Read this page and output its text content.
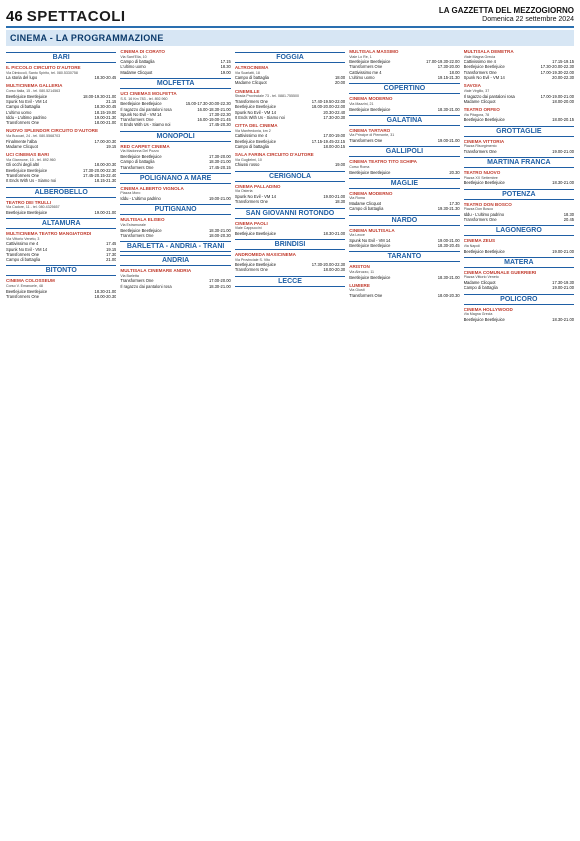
46 SPETTACOLI	LA GAZZETTA DEL MEZZOGIORNO
Domenica 22 settembre 2024
CINEMA - LA PROGRAMMAZIONE
BARI
IL PICCOLO CIRCUITO D'AUTORE
Via Dimiccoli, Santo Spirito, tel. 080.5330758
La storia del lupo	18.30-20.45
MULTICINEMA GALLERIA
Corso Italia, 15 - tel. 080.5214563
Beetlejuice Beetlejuice	18.00-19.30-21.00
Spunk No Evil - VM 14	21.15
Campo di battaglia	18.30-20.45
L'ultimo uomo	18.15-19.00
Iddu - L'ultimo padrino	19.00-21.30
Transformers One	18.00-21.00
NUOVO SPLENDOR CIRCUITO D'AUTORE
Via Buccari, 24 - tel. 080.5568703
Finalmente l'alba	17.00-20.30
Madame Clicquot	19.15
UCI CINEMAS BARI
Via Giannone, 10 - tel. 892.960
Gli occhi degli altri	18.00-20.30
Beetlejuice Beetlejuice	17.30-20.00-22.30
Transformers One	17.45-20.15-22.40
It Ends With Us - Siamo noi	18.15-21.30
ALBEROBELLO
TEATRO DEI TRULLI
Via Cadore, 11 - tel. 080.4325657
Beetlejuice Beetlejuice	19.00-21.00
ALTAMURA
MULTICINEMA TEATRO MANGIATORDI
Via Vittorio Veneto, 3
Cattivissimo me 4	17.45
Spunk No Evil - VM 14	19.15
Transformers One	17.30
Campo di battaglia	21.00
BITONTO
CINEMA COLOSSEUM
Corso V. Emanuele, 48
Beetlejuice Beetlejuice	18.30-21.00
Transformers One	18.00-20.30
CINEMA DI CORATO
Via Sant'Elia, 10
Campo di battaglia	17.15
L'ultimo uomo	18.30
Madame Clicquot	19.00
MOLFETTA
UCI CINEMAS MOLFETTA
S.S. 16 Km 783 - tel. 892.960
Beetlejuice Beetlejuice	15.00-17.30-20.00-22.30
Il ragazzo dai pantaloni rosa	16.00-18.30-21.00
Spunk No Evil - VM 14	17.30-22.30
Transformers One	16.00-19.00-21.45
It Ends With Us - Siamo noi	17.45-20.30
MONOPOLI
RED CARPET CINEMA
Via Madonna Del Pozzo
Beetlejuice Beetlejuice	17.30-20.00
Campo di battaglia	18.30-21.00
Transformers One	17.45-20.15
POLIGNANO A MARE
CINEMA ALBERTO VIGNOLA
Piazza Moro
Iddu - L'ultimo padrino	19.00-21.00
PUTIGNANO
MULTISALA ELISEO
Via Estramurale
Beetlejuice Beetlejuice	18.30-21.00
Transformers One	18.00-20.30
BARLETTA - ANDRIA - TRANI
ANDRIA
MULTISALA CINEMARE ANDRIA
Via Barletta
Transformers One	17.00-20.00
Il ragazzo dai pantaloni rosa	18.30-21.00
FOGGIA
ALTROCINEMA
Via Scarlatti, 18
Campo di battaglia	18.00
Madame Clicquot	20.00
CINEMILLE
Strada Provinciale 73 - tel. 0881.755500
Transformers One	17.40-19.50-22.00
Beetlejuice Beetlejuice	18.00-20.00-22.00
Spunk No Evil - VM 14	20.30-22.40
It Ends With Us - Siamo noi	17.30-20.30
CITTA DEL CINEMA
Via Manfredonia, km 2
Cattivissimo me 4	17.00-19.00
Beetlejuice Beetlejuice	17.15-19.45-22.15
Campo di battaglia	18.00-20.15
SALA FARINA CIRCUITO D'AUTORE
Via Guglielmi, 10
Chiussi rosso	19.00
CERIGNOLA
CINEMA PALLADINO
Via Osteria
Spunk No Evil - VM 14	19.00-21.00
Transformers One	18.30
SAN GIOVANNI ROTONDO
CINEMA PAOLI
Viale Cappuccini
Beetlejuice Beetlejuice	18.30-21.00
BRINDISI
ANDROMEDA MAXICINEMA
Via Provinciale S. Vito
Beetlejuice Beetlejuice	17.30-20.00-22.30
Transformers One	18.00-20.30
LECCE
MULTISALA MASSIMO
Viale Lo Re, 1
Beetlejuice Beetlejuice	17.00-19.30-22.00
Transformers One	17.30-20.00
Cattivissimo me 4	18.00
L'ultimo uomo	19.15-21.30
COPERTINO
CINEMA MODERNO
Via Mazzini, 21
Beetlejuice Beetlejuice	18.30-21.00
GALATINA
CINEMA TARTARO
Via Principe di Piemonte, 31
Transformers One	19.00-21.00
GALLIPOLI
CINEMA TEATRO TITO SCHIPA
Corso Roma
Beetlejuice Beetlejuice	20.30
MAGLIE
CINEMA MODERNO
Via Roma
Madame Clicquot	17.30
Campo di battaglia	19.30-21.30
NARDO
CINEMA MULTISALA
Via Lecce
Spunk No Evil - VM 14	19.00-21.00
Beetlejuice Beetlejuice	18.30-20.45
TARANTO
ARISTON
Via Abruzzo, 11
Beetlejuice Beetlejuice	18.30-21.00
LUMIERE
Via Giusti
Transformers One	18.00-20.30
MULTISALA DEMETRA
Viale Magna Grecia
Cattivissimo me 4	17.15-19.15
Beetlejuice Beetlejuice	17.30-20.00-22.30
Transformers One	17.00-19.30-22.00
Spunk No Evil - VM 14	20.00-22.30
SAVOIA
Viale Virgilio, 37
Il ragazzo dai pantaloni rosa	17.00-19.00-21.00
Madame Clicquot	18.00-20.00
TEATRO ORFEO
Via Pitagora, 78
Beetlejuice Beetlejuice	18.00-20.15
GROTTAGLIE
CINEMA VITTORIA
Piazza Risorgimento
Transformers One	19.00-21.00
MARTINA FRANCA
TEATRO NUOVO
Piazza XX Settembre
Beetlejuice Beetlejuice	18.30-21.00
POTENZA
TEATRO DON BOSCO
Piazza Don Bosco
Iddu - L'ultimo padrino	18.30
Transformers One	20.45
LAGONEGRO
CINEMA ZEUS
Via Napoli
Beetlejuice Beetlejuice	19.00-21.00
MATERA
CINEMA COMUNALE GUERRIERI
Piazza Vittorio Veneto
Madame Clicquot	17.30-19.30
Campo di battaglia	19.00-21.00
POLICORO
CINEMA HOLLYWOOD
Via Magna Grecia
Beetlejuice Beetlejuice	18.30-21.00
